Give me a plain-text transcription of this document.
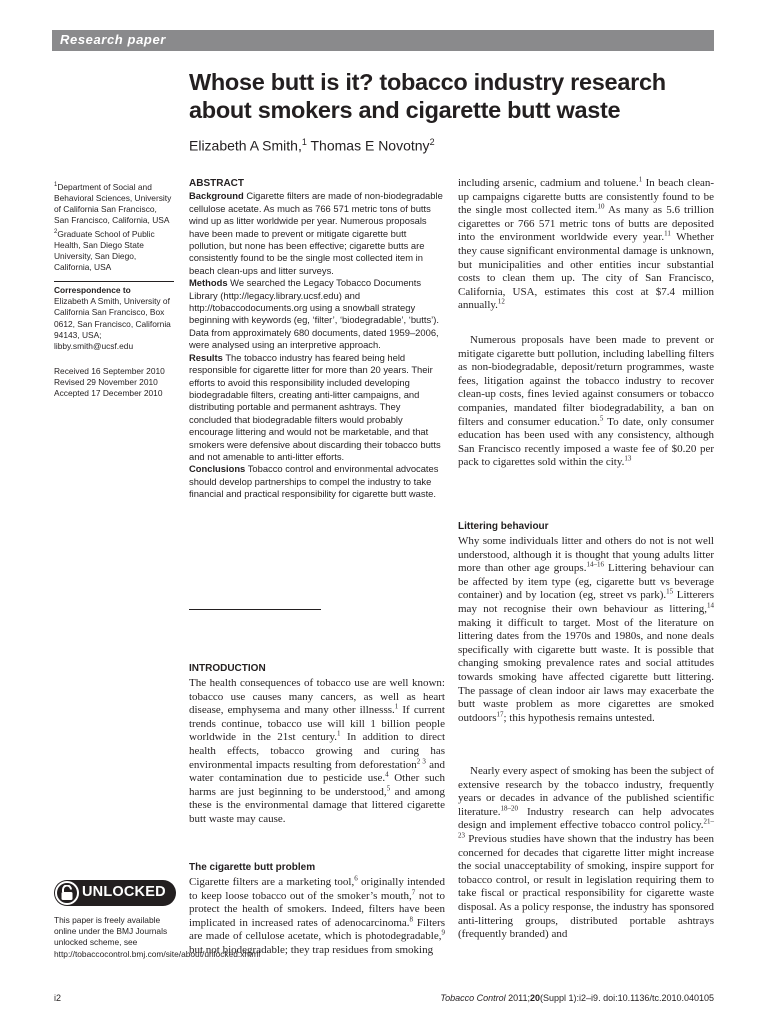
Research paper
Whose butt is it? tobacco industry research about smokers and cigarette butt waste
Elizabeth A Smith,$^1$ Thomas E Novotny$^2$
$^1$Department of Social and Behavioral Sciences, University of California San Francisco, San Francisco, California, USA
$^2$Graduate School of Public Health, San Diego State University, San Diego, California, USA
Correspondence to
Elizabeth A Smith, University of California San Francisco, Box 0612, San Francisco, California 94143, USA;
libby.smith@ucsf.edu
Received 16 September 2010
Revised 29 November 2010
Accepted 17 December 2010
ABSTRACT
Background Cigarette filters are made of non-biodegradable cellulose acetate. As much as 766 571 metric tons of butts wind up as litter worldwide per year. Numerous proposals have been made to prevent or mitigate cigarette butt pollution, but none has been effective; cigarette butts are consistently found to be the single most collected item in beach clean-ups and litter surveys.
Methods We searched the Legacy Tobacco Documents Library (http://legacy.library.ucsf.edu) and http://tobaccodocuments.org using a snowball strategy beginning with keywords (eg, ‘filter’, ‘biodegradable’, ‘butts’). Data from approximately 680 documents, dated 1959–2006, were analysed using an interpretive approach.
Results The tobacco industry has feared being held responsible for cigarette litter for more than 20 years. Their efforts to avoid this responsibility included developing biodegradable filters, creating anti-litter campaigns, and distributing portable and permanent ashtrays. They concluded that biodegradable filters would probably encourage littering and would not be marketable, and that smokers were defensive about discarding their tobacco butts and not amenable to anti-litter efforts.
Conclusions Tobacco control and environmental advocates should develop partnerships to compel the industry to take financial and practical responsibility for cigarette butt waste.
INTRODUCTION
The health consequences of tobacco use are well known: tobacco use causes many cancers, as well as heart disease, emphysema and many other illnesss.$^1$ If current trends continue, tobacco use will kill 1 billion people worldwide in the 21st century.$^1$ In addition to direct health effects, tobacco growing and curing has environmental impacts resulting from deforestation$^{2 3}$ and water contamination due to pesticide use.$^4$ Other such harms are just beginning to be understood,$^5$ and among these is the environmental damage that littered cigarette butt waste may cause.
The cigarette butt problem
Cigarette filters are a marketing tool,$^6$ originally intended to keep loose tobacco out of the smoker’s mouth,$^7$ not to protect the health of smokers. Indeed, filters have been implicated in increased rates of adenocarcinoma.$^8$ Filters are made of cellulose acetate, which is photodegradable,$^9$ but not biodegradable; they trap residues from smoking
including arsenic, cadmium and toluene.$^1$ In beach clean-up campaigns cigarette butts are consistently found to be the single most collected item.$^{10}$ As many as 5.6 trillion cigarettes or 766 571 metric tons of butts are deposited into the environment worldwide every year.$^{11}$ Whether they cause significant environmental damage is unknown, but municipalities and other entities incur substantial costs to clean them up. The city of San Francisco, California, USA, estimates this cost at $7.4 million annually.$^{12}$
Numerous proposals have been made to prevent or mitigate cigarette butt pollution, including labelling filters as non-biodegradable, deposit/return programmes, waste fees, litigation against the tobacco industry to recover clean-up costs, fines levied against consumers or tobacco companies, mandated filter biodegradability, a ban on filters and consumer education.$^5$ To date, only consumer education has been used with any consistency, although San Francisco recently imposed a waste fee of $0.20 per pack to cigarettes sold within the city.$^{13}$
Littering behaviour
Why some individuals litter and others do not is not well understood, although it is thought that young adults litter more than other age groups.$^{14-16}$ Littering behaviour can be affected by item type (eg, cigarette butt vs beverage container) and by location (eg, street vs park).$^{15}$ Litterers may not recognise their own behaviour as littering,$^{14}$ making it difficult to target. Most of the literature on littering dates from the 1970s and 1980s, and none deals specifically with cigarette butt waste. It is possible that changing smoking prevalence rates and social attitudes towards smoking have affected cigarette butt littering. The passage of clean indoor air laws may exacerbate the butt waste problem as more cigarettes are smoked outdoors$^{17}$; this hypothesis remains untested.
Nearly every aspect of smoking has been the subject of extensive research by the tobacco industry, frequently years or decades in advance of the published scientific literature.$^{18-20}$ Industry research can help advocates design and implement effective tobacco control policy.$^{21-23}$ Previous studies have shown that the industry has been concerned for decades that cigarette litter might increase the social unacceptability of smoking, inspire support for tobacco control, or result in legislation requiring them to take fiscal or practical responsibility for cigarette waste disposal. As a policy response, the industry has sponsored anti-littering groups, distributed portable ashtrays (frequently branded) and
UNLOCKED
This paper is freely available online under the BMJ Journals unlocked scheme, see http://tobaccocontrol.bmj.com/site/about/unlocked.xhtml
i2	Tobacco Control 2011;20(Suppl 1):i2–i9. doi:10.1136/tc.2010.040105
